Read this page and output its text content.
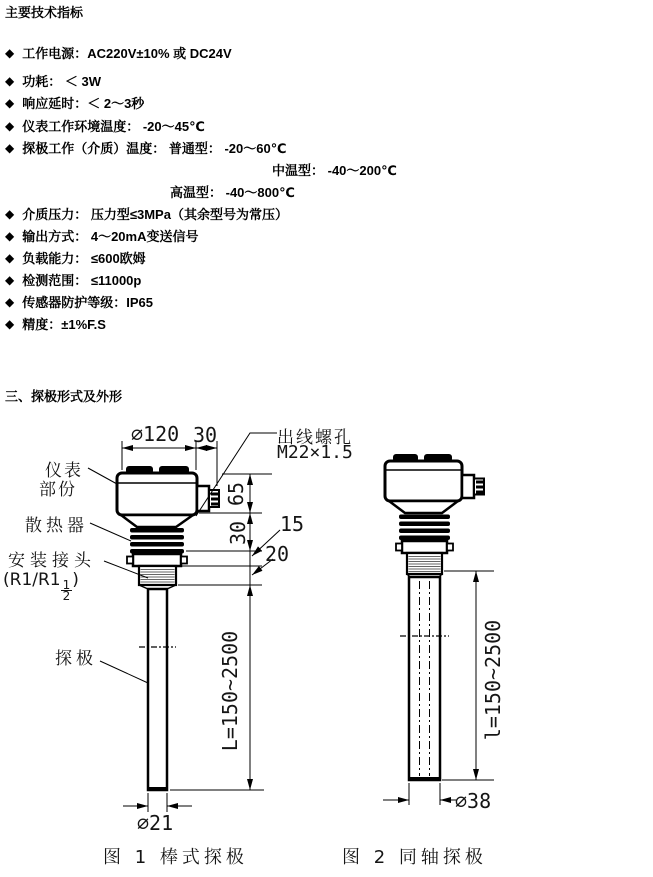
主要技术指标
◆ 工作电源：AC220V±10% 或 DC24V
◆ 功耗： ＜ 3W
◆ 响应延时：＜ 2～3秒
◆ 仪表工作环境温度： -20～45℃
◆ 探极工作（介质）温度： 普通型： -20～60℃
中温型： -40～200℃
高温型： -40～800℃
◆ 介质压力： 压力型≤3MPa（其余型号为常压）
◆ 输出方式： 4～20mA变送信号
◆ 负载能力： ≤600欧姆
◆ 检测范围： ≤11000p
◆ 传感器防护等级：IP65
◆ 精度：±1%F.S
三、探极形式及外形
∅120 30	出线螺孔
M22×1.5
仪表
部份
散热器
安装接头
($R1/R1 \frac{1}{2}$ )
探极
65
30 15
20
L=150~2500
∅21
图 1 棒式探极
l=150~2500
∅38
图 2 同轴探极
